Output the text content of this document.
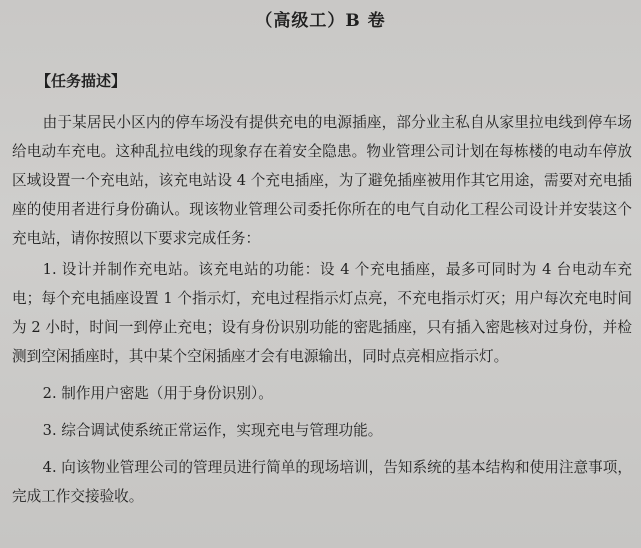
（高级工）B 卷
【任务描述】

由于某居民小区内的停车场没有提供充电的电源插座，部分业主私自从家里拉电线到停车场给电动车充电。这种乱拉电线的现象存在着安全隐患。物业管理公司计划在每栋楼的电动车停放区域设置一个充电站，该充电站设 4 个充电插座，为了避免插座被用作其它用途，需要对充电插座的使用者进行身份确认。现该物业管理公司委托你所在的电气自动化工程公司设计并安装这个充电站，请你按照以下要求完成任务：

1. 设计并制作充电站。该充电站的功能：设 4 个充电插座，最多可同时为 4 台电动车充电；每个充电插座设置 1 个指示灯，充电过程指示灯点亮，不充电指示灯灭；用户每次充电时间为 2 小时，时间一到停止充电；设有身份识别功能的密匙插座，只有插入密匙核对过身份，并检测到空闲插座时，其中某个空闲插座才会有电源输出，同时点亮相应指示灯。

2. 制作用户密匙（用于身份识别）。

3. 综合调试使系统正常运作，实现充电与管理功能。

4. 向该物业管理公司的管理员进行简单的现场培训，告知系统的基本结构和使用注意事项，完成工作交接验收。
